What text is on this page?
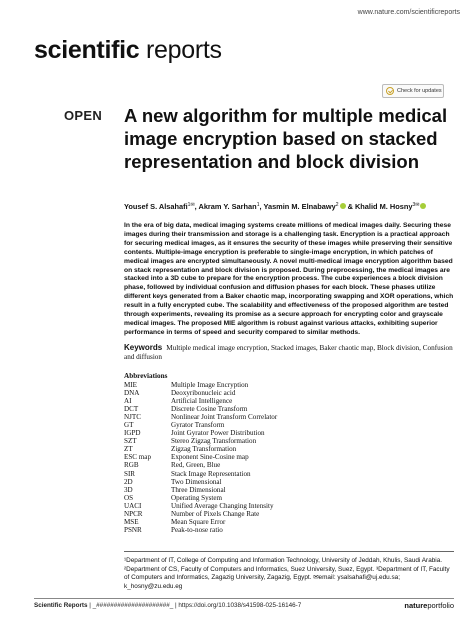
www.nature.com/scientificreports
scientific reports
Check for updates
OPEN A new algorithm for multiple medical image encryption based on stacked representation and block division
Yousef S. Alsahafi$^{1✉}$, Akram Y. Sarhan$^1$, Yasmin M. Elnabawy$^2$ & Khalid M. Hosny$^{3✉}$
In the era of big data, medical imaging systems create millions of medical images daily. Securing these images during their transmission and storage is a challenging task. Encryption is a practical approach for securing medical images, as it ensures the security of these images while preserving their sensitive contents. Multiple-image encryption is preferable to single-image encryption, in which patches of medical images are encrypted simultaneously. A novel multi-medical image encryption algorithm based on stack representation and block division is proposed. During preprocessing, the medical images are stacked into a 3D cube to prepare for the encryption process. The cube experiences a block division phase, followed by individual confusion and diffusion phases for each block. These phases utilize different keys generated from a Baker chaotic map, incorporating swapping and XOR operations, which result in a fully encrypted cube. The scalability and effectiveness of the proposed algorithm are tested through experiments, revealing its promise as a secure approach for encrypting color and grayscale medical images. The proposed MIE algorithm is robust against various attacks, exhibiting superior performance in terms of speed and security compared to similar methods.
Keywords Multiple medical image encryption, Stacked images, Baker chaotic map, Block division, Confusion and diffusion
Abbreviations
MIE	Multiple Image Encryption
DNA	Deoxyribonucleic acid
AI	Artificial Intelligence
DCT	Discrete Cosine Transform
NJTC	Nonlinear Joint Transform Correlator
GT	Gyrator Transform
IGPD	Joint Gyrator Power Distribution
SZT	Stereo Zigzag Transformation
ZT	Zigzag Transformation
ESC map	Exponent Sine-Cosine map
RGB	Red, Green, Blue
SIR	Stack Image Representation
2D	Two Dimensional
3D	Three Dimensional
OS	Operating System
UACI	Unified Average Changing Intensity
NPCR	Number of Pixels Change Rate
MSE	Mean Square Error
PSNR	Peak-to-nose ratio
¹Department of IT, College of Computing and Information Technology, University of Jeddah, Khulis, Saudi Arabia. ²Department of CS, Faculty of Computers and Informatics, Suez University, Suez, Egypt. ³Department of IT, Faculty of Computers and Informatics, Zagazig University, Zagazig, Egypt. ✉email: ysalsahafi@uj.edu.sa; k_hosny@zu.edu.eg
Scientific Reports | _#####################_ | https://doi.org/10.1038/s41598-025-16146-7	natureportfolio
